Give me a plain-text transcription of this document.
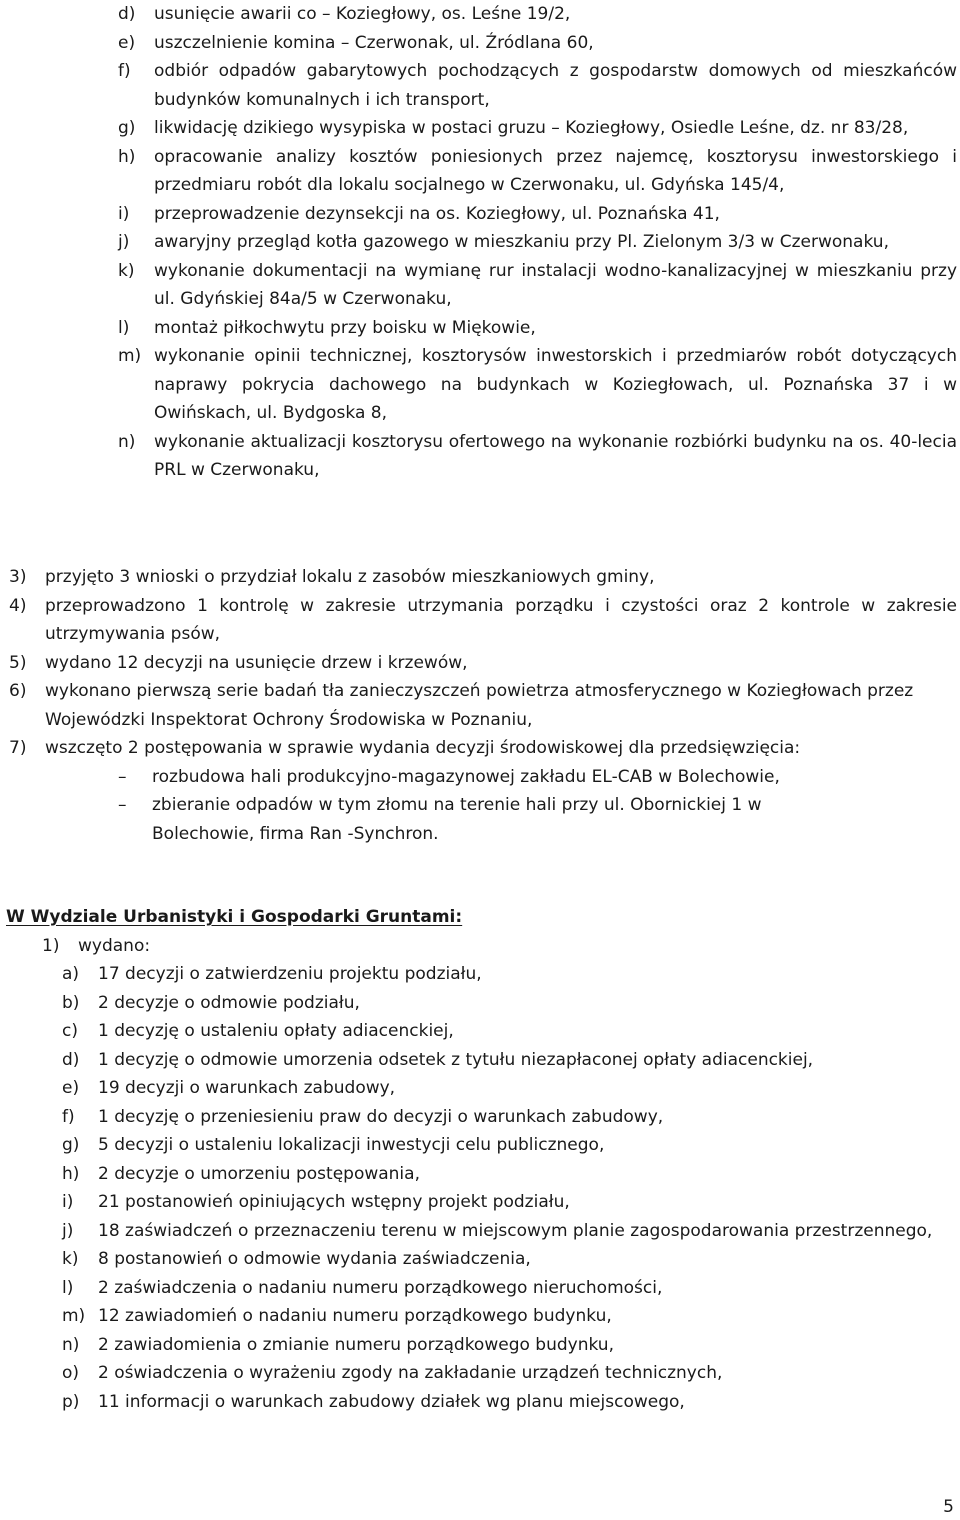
d)	usunięcie awarii co – Koziegłowy, os. Leśne 19/2,
e)	uszczelnienie komina – Czerwonak, ul. Źródlana 60,
f)	odbiór odpadów gabarytowych pochodzących z gospodarstw domowych od mieszkańców budynków komunalnych i ich transport,
g)	likwidację dzikiego wysypiska w postaci gruzu – Koziegłowy, Osiedle Leśne, dz. nr 83/28,
h)	opracowanie analizy kosztów poniesionych przez najemcę, kosztorysu inwestorskiego i przedmiaru robót dla lokalu socjalnego w Czerwonaku, ul. Gdyńska 145/4,
i)	przeprowadzenie dezynsekcji na os. Koziegłowy, ul. Poznańska 41,
j)	awaryjny przegląd kotła gazowego w mieszkaniu przy Pl. Zielonym 3/3 w Czerwonaku,
k)	wykonanie dokumentacji na wymianę rur instalacji wodno-kanalizacyjnej w mieszkaniu przy ul. Gdyńskiej 84a/5 w Czerwonaku,
l)	montaż piłkochwytu przy boisku w Miękowie,
m) wykonanie opinii technicznej, kosztorysów inwestorskich i przedmiarów robót dotyczących naprawy pokrycia dachowego na budynkach w Koziegłowach, ul. Poznańska 37 i w Owińskach, ul. Bydgoska 8,
n)	wykonanie aktualizacji kosztorysu ofertowego na wykonanie rozbiórki budynku na os. 40-lecia PRL w Czerwonaku,
3)	przyjęto 3 wnioski o przydział lokalu z zasobów mieszkaniowych gminy,
4)	przeprowadzono 1 kontrolę w zakresie utrzymania porządku i czystości oraz 2 kontrole w zakresie utrzymywania psów,
5)	wydano 12 decyzji na usunięcie drzew i krzewów,
6)	wykonano pierwszą serie badań tła zanieczyszczeń powietrza atmosferycznego w Koziegłowach przez Wojewódzki Inspektorat Ochrony Środowiska w Poznaniu,
7)	wszczęto 2 postępowania w sprawie wydania decyzji środowiskowej dla przedsięwzięcia:
–	rozbudowa hali produkcyjno-magazynowej zakładu EL-CAB w Bolechowie,
–	zbieranie odpadów w tym złomu na terenie hali przy ul. Obornickiej 1 w Bolechowie, firma Ran -Synchron.
W Wydziale Urbanistyki i Gospodarki Gruntami:
1)	wydano:
a)	17 decyzji o zatwierdzeniu projektu podziału,
b)	2 decyzje o odmowie podziału,
c)	1 decyzję o ustaleniu opłaty adiacenckiej,
d)	1 decyzję o odmowie umorzenia odsetek z tytułu niezapłaconej opłaty adiacenckiej,
e)	19 decyzji o warunkach zabudowy,
f)	1 decyzję o przeniesieniu praw do decyzji o warunkach zabudowy,
g)	5 decyzji o ustaleniu lokalizacji inwestycji celu publicznego,
h)	2 decyzje o umorzeniu postępowania,
i)	21 postanowień opiniujących wstępny projekt podziału,
j)	18 zaświadczeń o przeznaczeniu terenu w miejscowym planie zagospodarowania przestrzennego,
k)	8 postanowień o odmowie wydania zaświadczenia,
l)	2 zaświadczenia o nadaniu numeru porządkowego nieruchomości,
m) 12 zawiadomień o nadaniu numeru porządkowego budynku,
n)	2 zawiadomienia o zmianie numeru porządkowego budynku,
o)	2 oświadczenia o wyrażeniu zgody na zakładanie urządzeń technicznych,
p)	11 informacji o warunkach zabudowy działek wg planu miejscowego,
5
